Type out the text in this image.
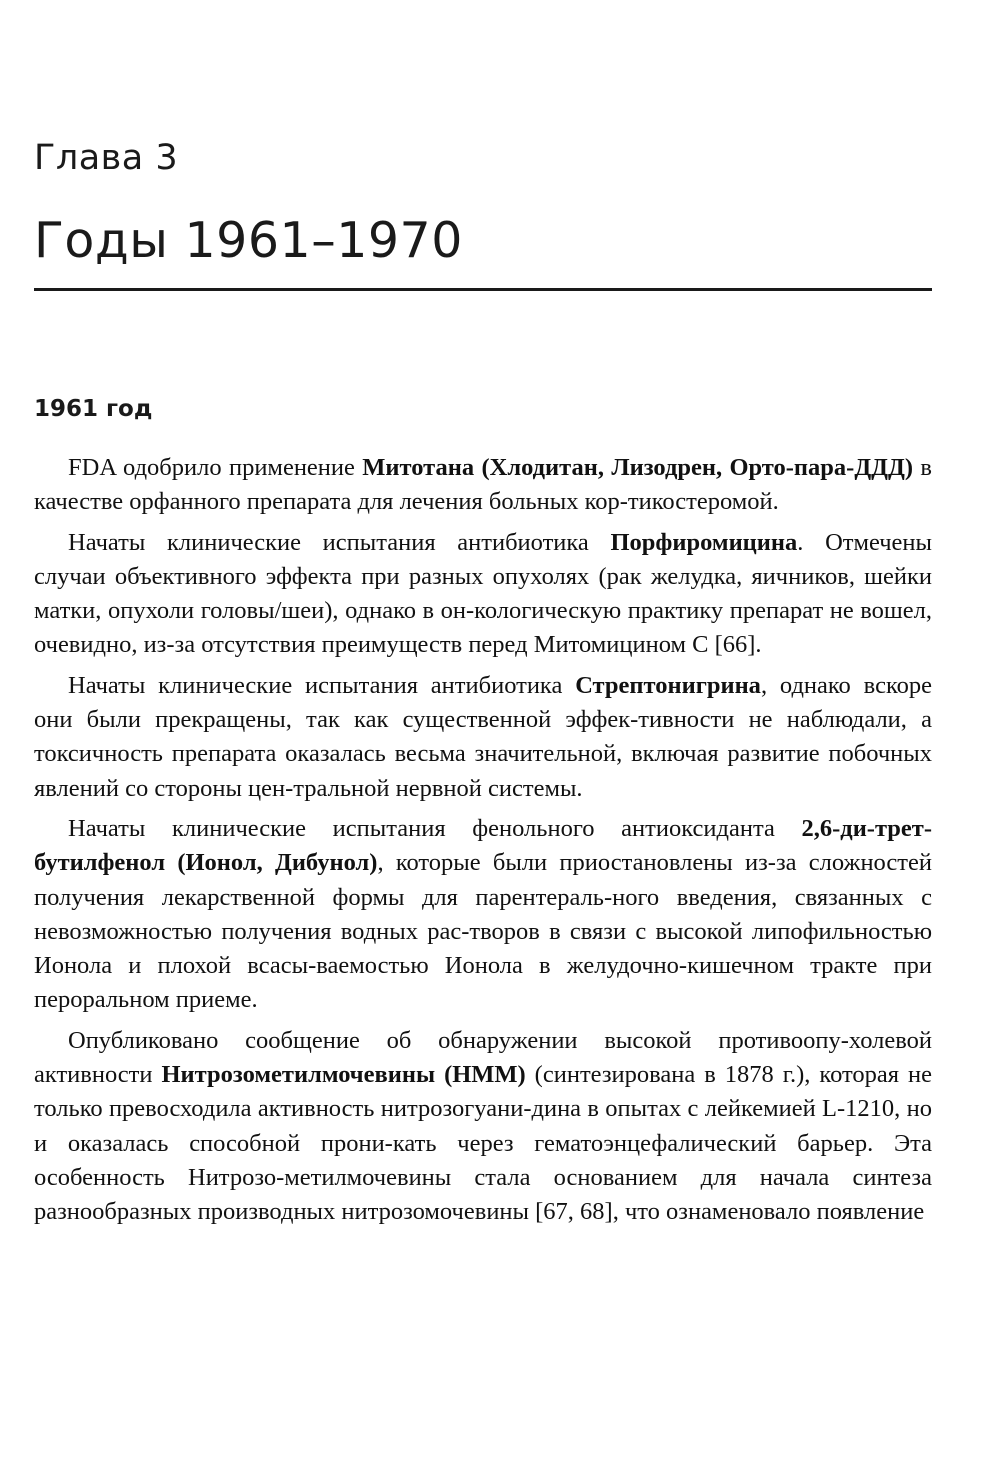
Глава 3
Годы 1961–1970
1961 год

FDA одобрило применение Митотана (Хлодитан, Лизодрен, Орто-пара-ДДД) в качестве орфанного препарата для лечения больных кор-тикостеромой.

Начаты клинические испытания антибиотика Порфиромицина. Отмечены случаи объективного эффекта при разных опухолях (рак желудка, яичников, шейки матки, опухоли головы/шеи), однако в он-кологическую практику препарат не вошел, очевидно, из-за отсутствия преимуществ перед Митомицином С [66].

Начаты клинические испытания антибиотика Стрептонигрина, однако вскоре они были прекращены, так как существенной эффек-тивности не наблюдали, а токсичность препарата оказалась весьма значительной, включая развитие побочных явлений со стороны цен-тральной нервной системы.

Начаты клинические испытания фенольного антиоксиданта 2,6-ди-трет-бутилфенол (Ионол, Дибунол), которые были приостановлены из-за сложностей получения лекарственной формы для парентераль-ного введения, связанных с невозможностью получения водных рас-творов в связи с высокой липофильностью Ионола и плохой всасы-ваемостью Ионола в желудочно-кишечном тракте при пероральном приеме.

Опубликовано сообщение об обнаружении высокой противоопу-холевой активности Нитрозометилмочевины (НММ) (синтезирована в 1878 г.), которая не только превосходила активность нитрозогуани-дина в опытах с лейкемией L-1210, но и оказалась способной прони-кать через гематоэнцефалический барьер. Эта особенность Нитрозо-метилмочевины стала основанием для начала синтеза разнообразных производных нитрозомочевины [67, 68], что ознаменовало появление
